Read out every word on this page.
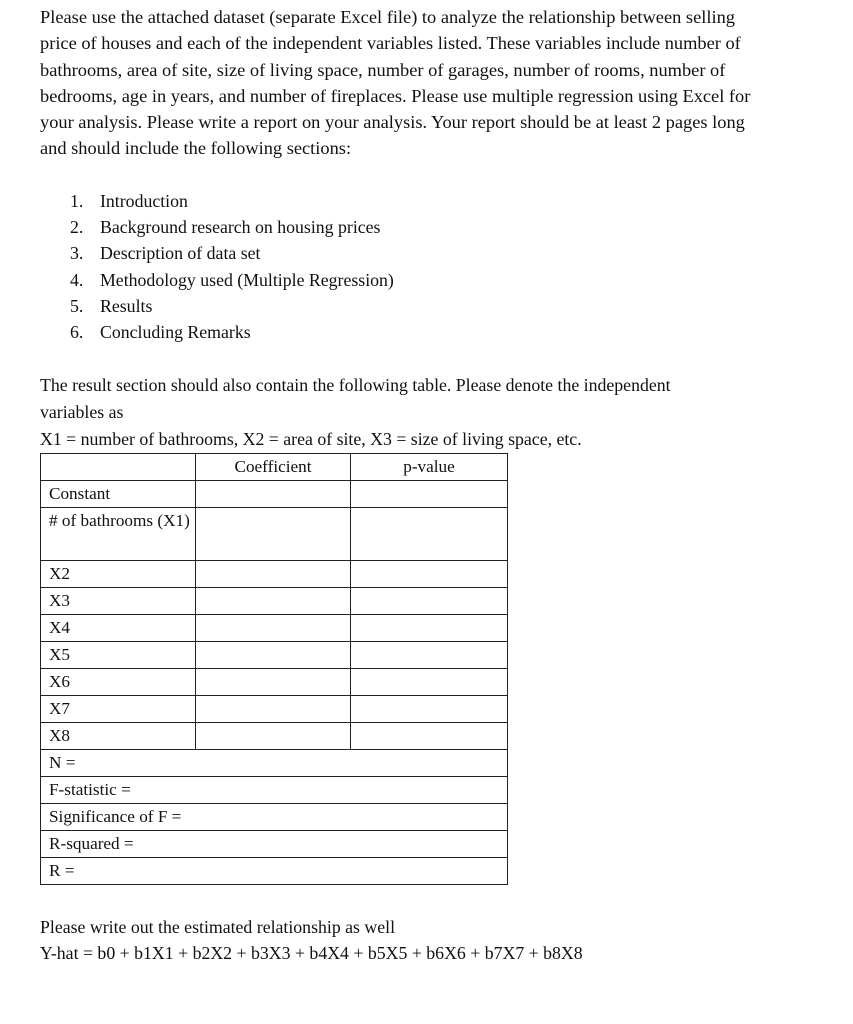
Please use the attached dataset (separate Excel file) to analyze the relationship between selling
price of houses and each of the independent variables listed. These variables include number of
bathrooms, area of site, size of living space, number of garages, number of rooms, number of
bedrooms, age in years, and number of fireplaces. Please use multiple regression using Excel for
your analysis. Please write a report on your analysis. Your report should be at least 2 pages long
and should include the following sections:

1. Introduction
2. Background research on housing prices
3. Description of data set
4. Methodology used (Multiple Regression)
5. Results
6. Concluding Remarks

The result section should also contain the following table. Please denote the independent
variables as

X1 = number of bathrooms, X2 = area of site, X3 = size of living space, etc.

	Coefficient	p-value
Constant		
# of bathrooms (X1)		
X2		
X3		
X4		
X5		
X6		
X7		
X8		
N =		
F-statistic =		
Significance of F =		
R-squared =		
R =		

Please write out the estimated relationship as well
Y-hat = b0 + b1X1 + b2X2 + b3X3 + b4X4 + b5X5 + b6X6 + b7X7 + b8X8
